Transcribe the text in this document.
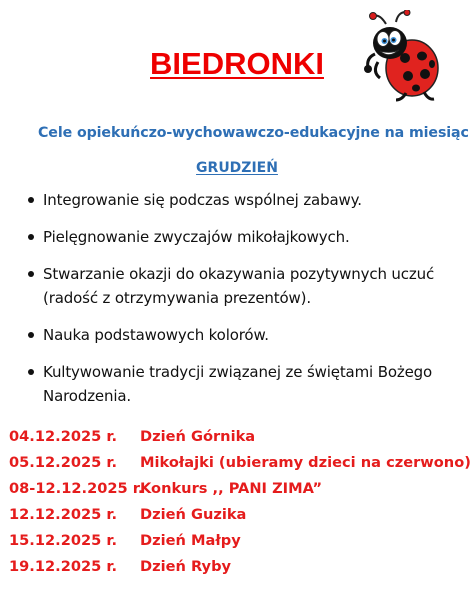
BIEDRONKI
Cele opiekuńczo-wychowawczo-edukacyjne na miesiąc
GRUDZIEŃ
Integrowanie się podczas wspólnej zabawy.
Pielęgnowanie zwyczajów mikołajkowych.
Stwarzanie okazji do okazywania pozytywnych uczuć (radość z otrzymywania prezentów).
Nauka podstawowych kolorów.
Kultywowanie tradycji związanej ze świętami Bożego Narodzenia.
04.12.2025 r. Dzień Górnika
05.12.2025 r. Mikołajki (ubieramy dzieci na czerwono)
08-12.12.2025 r.
Konkurs ,, PANI ZIMA”
12.12.2025 r. Dzień Guzika
15.12.2025 r. Dzień Małpy
19.12.2025 r. Dzień Ryby
